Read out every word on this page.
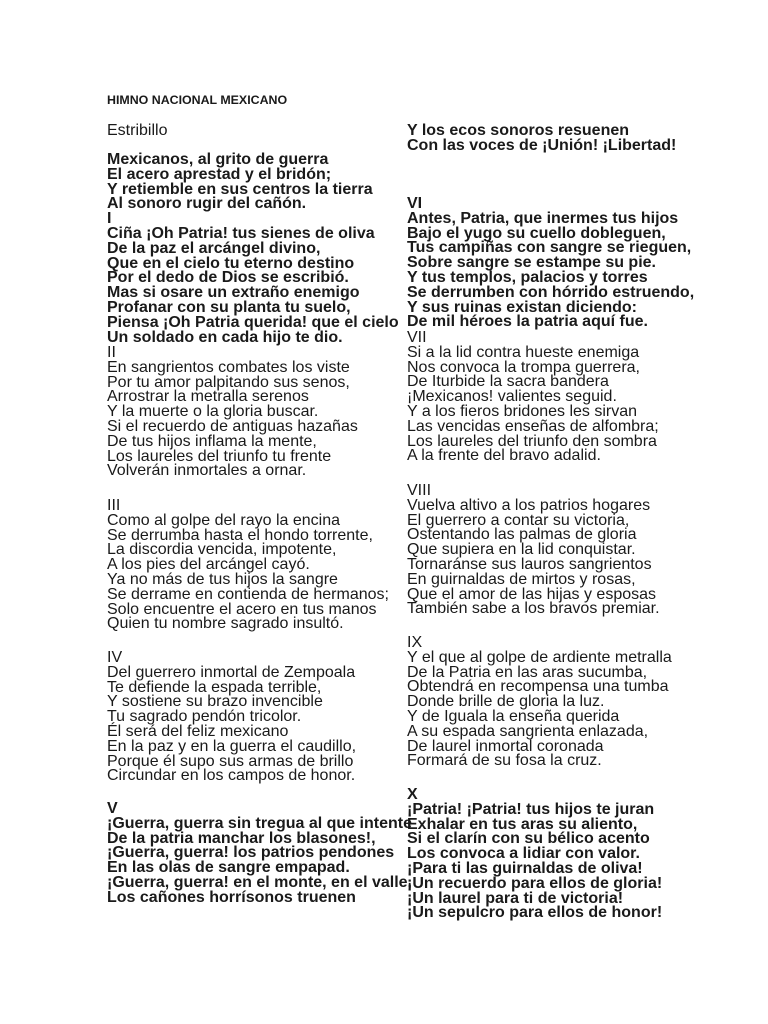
HIMNO NACIONAL MEXICANO
Estribillo
Mexicanos, al grito de guerra
El acero aprestad y el bridón;
Y retiemble en sus centros la tierra
Al sonoro rugir del cañón.
I
Ciña ¡Oh Patria! tus sienes de oliva
De la paz el arcángel divino,
Que en el cielo tu eterno destino
Por el dedo de Dios se escribió.
Mas si osare un extraño enemigo
Profanar con su planta tu suelo,
Piensa ¡Oh Patria querida! que el cielo
Un soldado en cada hijo te dio.
II
En sangrientos combates los viste
Por tu amor palpitando sus senos,
Arrostrar la metralla serenos
Y la muerte o la gloria buscar.
Si el recuerdo de antiguas hazañas
De tus hijos inflama la mente,
Los laureles del triunfo tu frente
Volverán inmortales a ornar.
III
Como al golpe del rayo la encina
Se derrumba hasta el hondo torrente,
La discordia vencida, impotente,
A los pies del arcángel cayó.
Ya no más de tus hijos la sangre
Se derrame en contienda de hermanos;
Solo encuentre el acero en tus manos
Quien tu nombre sagrado insultó.
IV
Del guerrero inmortal de Zempoala
Te defiende la espada terrible,
Y sostiene su brazo invencible
Tu sagrado pendón tricolor.
Él será del feliz mexicano
En la paz y en la guerra el caudillo,
Porque él supo sus armas de brillo
Circundar en los campos de honor.
V
¡Guerra, guerra sin tregua al que intente
De la patria manchar los blasones!,
¡Guerra, guerra! los patrios pendones
En las olas de sangre empapad.
¡Guerra, guerra! en el monte, en el valle,
Los cañones horrísonos truenen
Y los ecos sonoros resuenen
Con las voces de ¡Unión! ¡Libertad!
VI
Antes, Patria, que inermes tus hijos
Bajo el yugo su cuello dobleguen,
Tus campiñas con sangre se rieguen,
Sobre sangre se estampe su pie.
Y tus templos, palacios y torres
Se derrumben con hórrido estruendo,
Y sus ruinas existan diciendo:
De mil héroes la patria aquí fue.
VII
Si a la lid contra hueste enemiga
Nos convoca la trompa guerrera,
De Iturbide la sacra bandera
¡Mexicanos! valientes seguid.
Y a los fieros bridones les sirvan
Las vencidas enseñas de alfombra;
Los laureles del triunfo den sombra
A la frente del bravo adalid.
VIII
Vuelva altivo a los patrios hogares
El guerrero a contar su victoria,
Ostentando las palmas de gloria
Que supiera en la lid conquistar.
Tornaránse sus lauros sangrientos
En guirnaldas de mirtos y rosas,
Que el amor de las hijas y esposas
También sabe a los bravos premiar.
IX
Y el que al golpe de ardiente metralla
De la Patria en las aras sucumba,
Obtendrá en recompensa una tumba
Donde brille de gloria la luz.
Y de Iguala la enseña querida
A su espada sangrienta enlazada,
De laurel inmortal coronada
Formará de su fosa la cruz.
X
¡Patria! ¡Patria! tus hijos te juran
Exhalar en tus aras su aliento,
Si el clarín con su bélico acento
Los convoca a lidiar con valor.
¡Para ti las guirnaldas de oliva!
¡Un recuerdo para ellos de gloria!
¡Un laurel para ti de victoria!
¡Un sepulcro para ellos de honor!
